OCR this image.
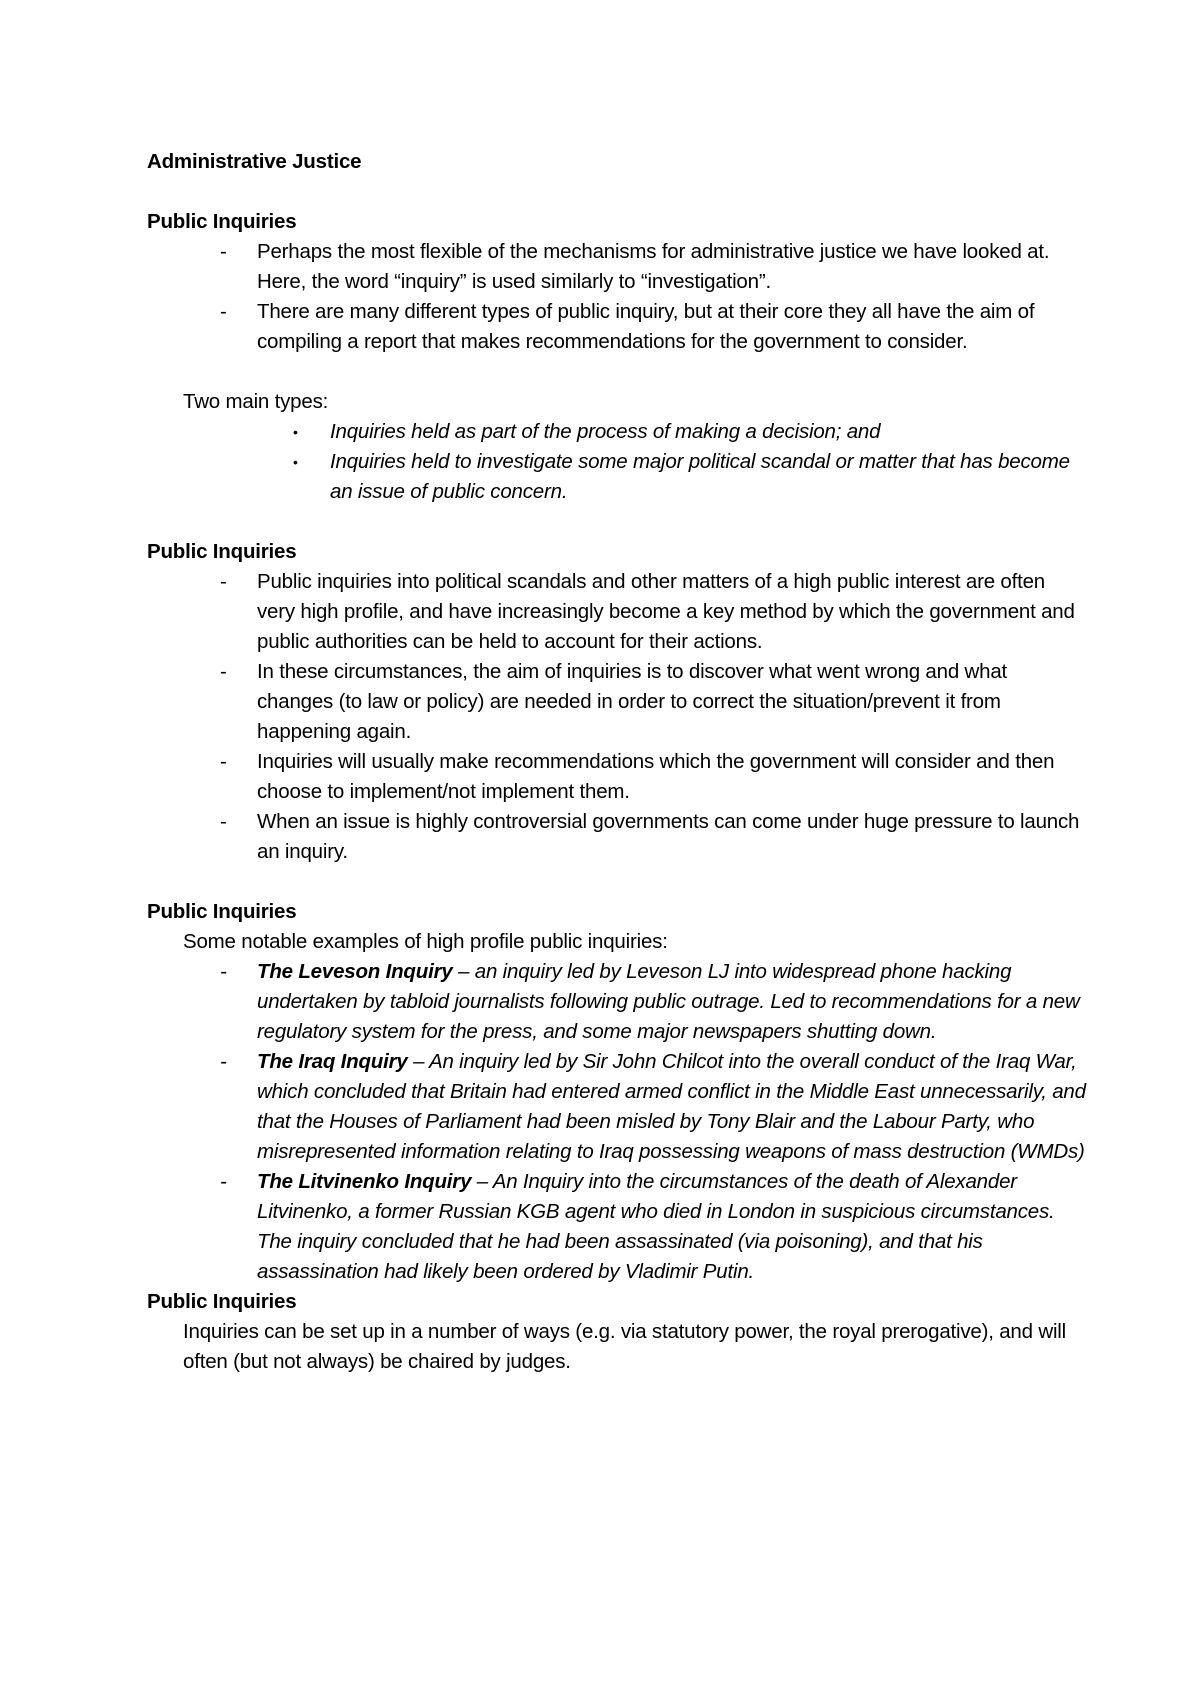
Administrative Justice

Public Inquiries

- Perhaps the most flexible of the mechanisms for administrative justice we have looked at. Here, the word “inquiry” is used similarly to “investigation”.
- There are many different types of public inquiry, but at their core they all have the aim of compiling a report that makes recommendations for the government to consider.

Two main types:

• Inquiries held as part of the process of making a decision; and
• Inquiries held to investigate some major political scandal or matter that has become an issue of public concern.

Public Inquiries

- Public inquiries into political scandals and other matters of a high public interest are often very high profile, and have increasingly become a key method by which the government and public authorities can be held to account for their actions.
- In these circumstances, the aim of inquiries is to discover what went wrong and what changes (to law or policy) are needed in order to correct the situation/prevent it from happening again.
- Inquiries will usually make recommendations which the government will consider and then choose to implement/not implement them.
- When an issue is highly controversial governments can come under huge pressure to launch an inquiry.

Public Inquiries

Some notable examples of high profile public inquiries:

- The Leveson Inquiry – an inquiry led by Leveson LJ into widespread phone hacking undertaken by tabloid journalists following public outrage. Led to recommendations for a new regulatory system for the press, and some major newspapers shutting down.
- The Iraq Inquiry – An inquiry led by Sir John Chilcot into the overall conduct of the Iraq War, which concluded that Britain had entered armed conflict in the Middle East unnecessarily, and that the Houses of Parliament had been misled by Tony Blair and the Labour Party, who misrepresented information relating to Iraq possessing weapons of mass destruction (WMDs)
- The Litvinenko Inquiry – An Inquiry into the circumstances of the death of Alexander Litvinenko, a former Russian KGB agent who died in London in suspicious circumstances. The inquiry concluded that he had been assassinated (via poisoning), and that his assassination had likely been ordered by Vladimir Putin.

Public Inquiries

Inquiries can be set up in a number of ways (e.g. via statutory power, the royal prerogative), and will often (but not always) be chaired by judges.
